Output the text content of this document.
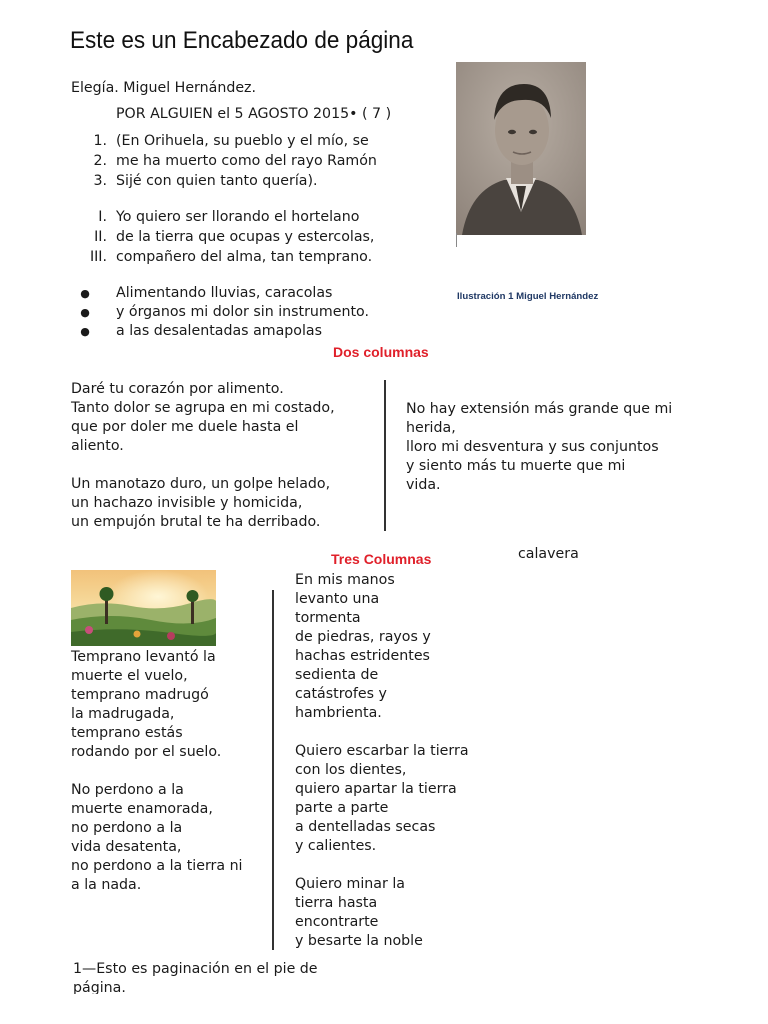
Este es un Encabezado de página
Elegía. Miguel Hernández.
POR ALGUIEN el 5 AGOSTO 2015• ( 7 )
1. (En Orihuela, su pueblo y el mío, se
2. me ha muerto como del rayo Ramón
3. Sijé con quien tanto quería).
I. Yo quiero ser llorando el hortelano
II. de la tierra que ocupas y estercolas,
III. compañero del alma, tan temprano.
●	Alimentando lluvias, caracolas
●	y órganos mi dolor sin instrumento.
●	a las desalentadas amapolas
Ilustración 1 Miguel Hernández
Dos columnas
Daré tu corazón por alimento.
Tanto dolor se agrupa en mi costado,
que por doler me duele hasta el
aliento.
Un manotazo duro, un golpe helado,
un hachazo invisible y homicida,
un empujón brutal te ha derribado.
No hay extensión más grande que mi
herida,
lloro mi desventura y sus conjuntos
y siento más tu muerte que mi
vida.
Tres Columnas	calavera
Temprano levantó la
muerte el vuelo,
temprano madrugó
la madrugada,
temprano estás
rodando por el suelo.
No perdono a la
muerte enamorada,
no perdono a la
vida desatenta,
no perdono a la tierra ni
a la nada.
En mis manos
levanto una
tormenta
de piedras, rayos y
hachas estridentes
sedienta de
catástrofes y
hambrienta.
Quiero escarbar la tierra
con los dientes,
quiero apartar la tierra
parte a parte
a dentelladas secas
y calientes.
Quiero minar la
tierra hasta
encontrarte
y besarte la noble
1—Esto es paginación en el pie de
página.
